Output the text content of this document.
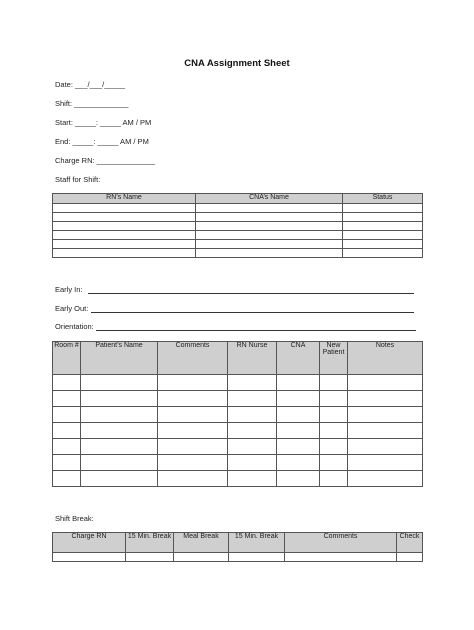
CNA Assignment Sheet
Date: ___/___/_____
Shift: _____________
Start: _____: _____ AM / PM
End: _____: _____ AM / PM
Charge RN: ______________
Staff for Shift:
RN’s Name	CNA’s Name	Status

Early In:
Early Out:
Orientation:
Room #	Patient’s Name	Comments	RN Nurse	CNA	New Patient	Notes

Shift Break:
Charge RN	15 Min. Break	Meal Break	15 Min. Break	Comments	Check
